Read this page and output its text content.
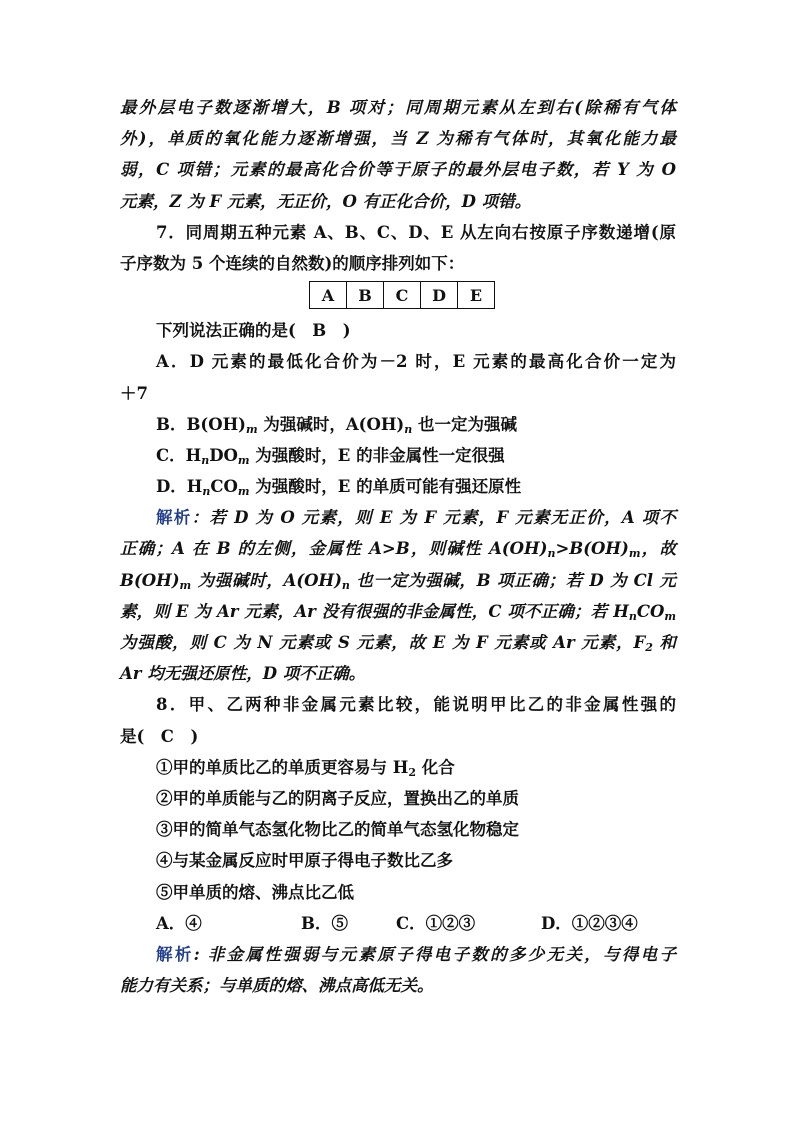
最外层电子数逐渐增大，B 项对；同周期元素从左到右(除稀有气体
外)，单质的氧化能力逐渐增强，当 Z 为稀有气体时，其氧化能力最
弱，C 项错；元素的最高化合价等于原子的最外层电子数，若 Y 为 O
元素，Z 为 F 元素，无正价，O 有正化合价，D 项错。
7．同周期五种元素 A、B、C、D、E 从左向右按原子序数递增(原
子序数为 5 个连续的自然数)的顺序排列如下：
A	B	C	D	E
下列说法正确的是(　B　)
A．D 元素的最低化合价为－2 时，E 元素的最高化合价一定为
＋7
B．$B(OH)_m$ 为强碱时，$A(OH)_n$ 也一定为强碱
C．$H_nDO_m$ 为强酸时，E 的非金属性一定很强
D．$H_nCO_m$ 为强酸时，E 的单质可能有强还原性
解析：若 D 为 O 元素，则 E 为 F 元素，F 元素无正价，A 项不
正确；A 在 B 的左侧，金属性 A>B，则碱性 $A(OH)_n>B(OH)_m$，故
$B(OH)_m$ 为强碱时，$A(OH)_n$ 也一定为强碱，B 项正确；若 D 为 Cl 元
素，则 E 为 Ar 元素，Ar 没有很强的非金属性，C 项不正确；若 $H_nCO_m$
为强酸，则 C 为 N 元素或 S 元素，故 E 为 F 元素或 Ar 元素，$F_2$ 和
Ar 均无强还原性，D 项不正确。
8．甲、乙两种非金属元素比较，能说明甲比乙的非金属性强的
是(　C　)
①甲的单质比乙的单质更容易与 $H_2$ 化合
②甲的单质能与乙的阴离子反应，置换出乙的单质
③甲的简单气态氢化物比乙的简单气态氢化物稳定
④与某金属反应时甲原子得电子数比乙多
⑤甲单质的熔、沸点比乙低
A．④	B．⑤	C．①②③	D．①②③④
解析: 非金属性强弱与元素原子得电子数的多少无关，与得电子
能力有关系；与单质的熔、沸点高低无关。
